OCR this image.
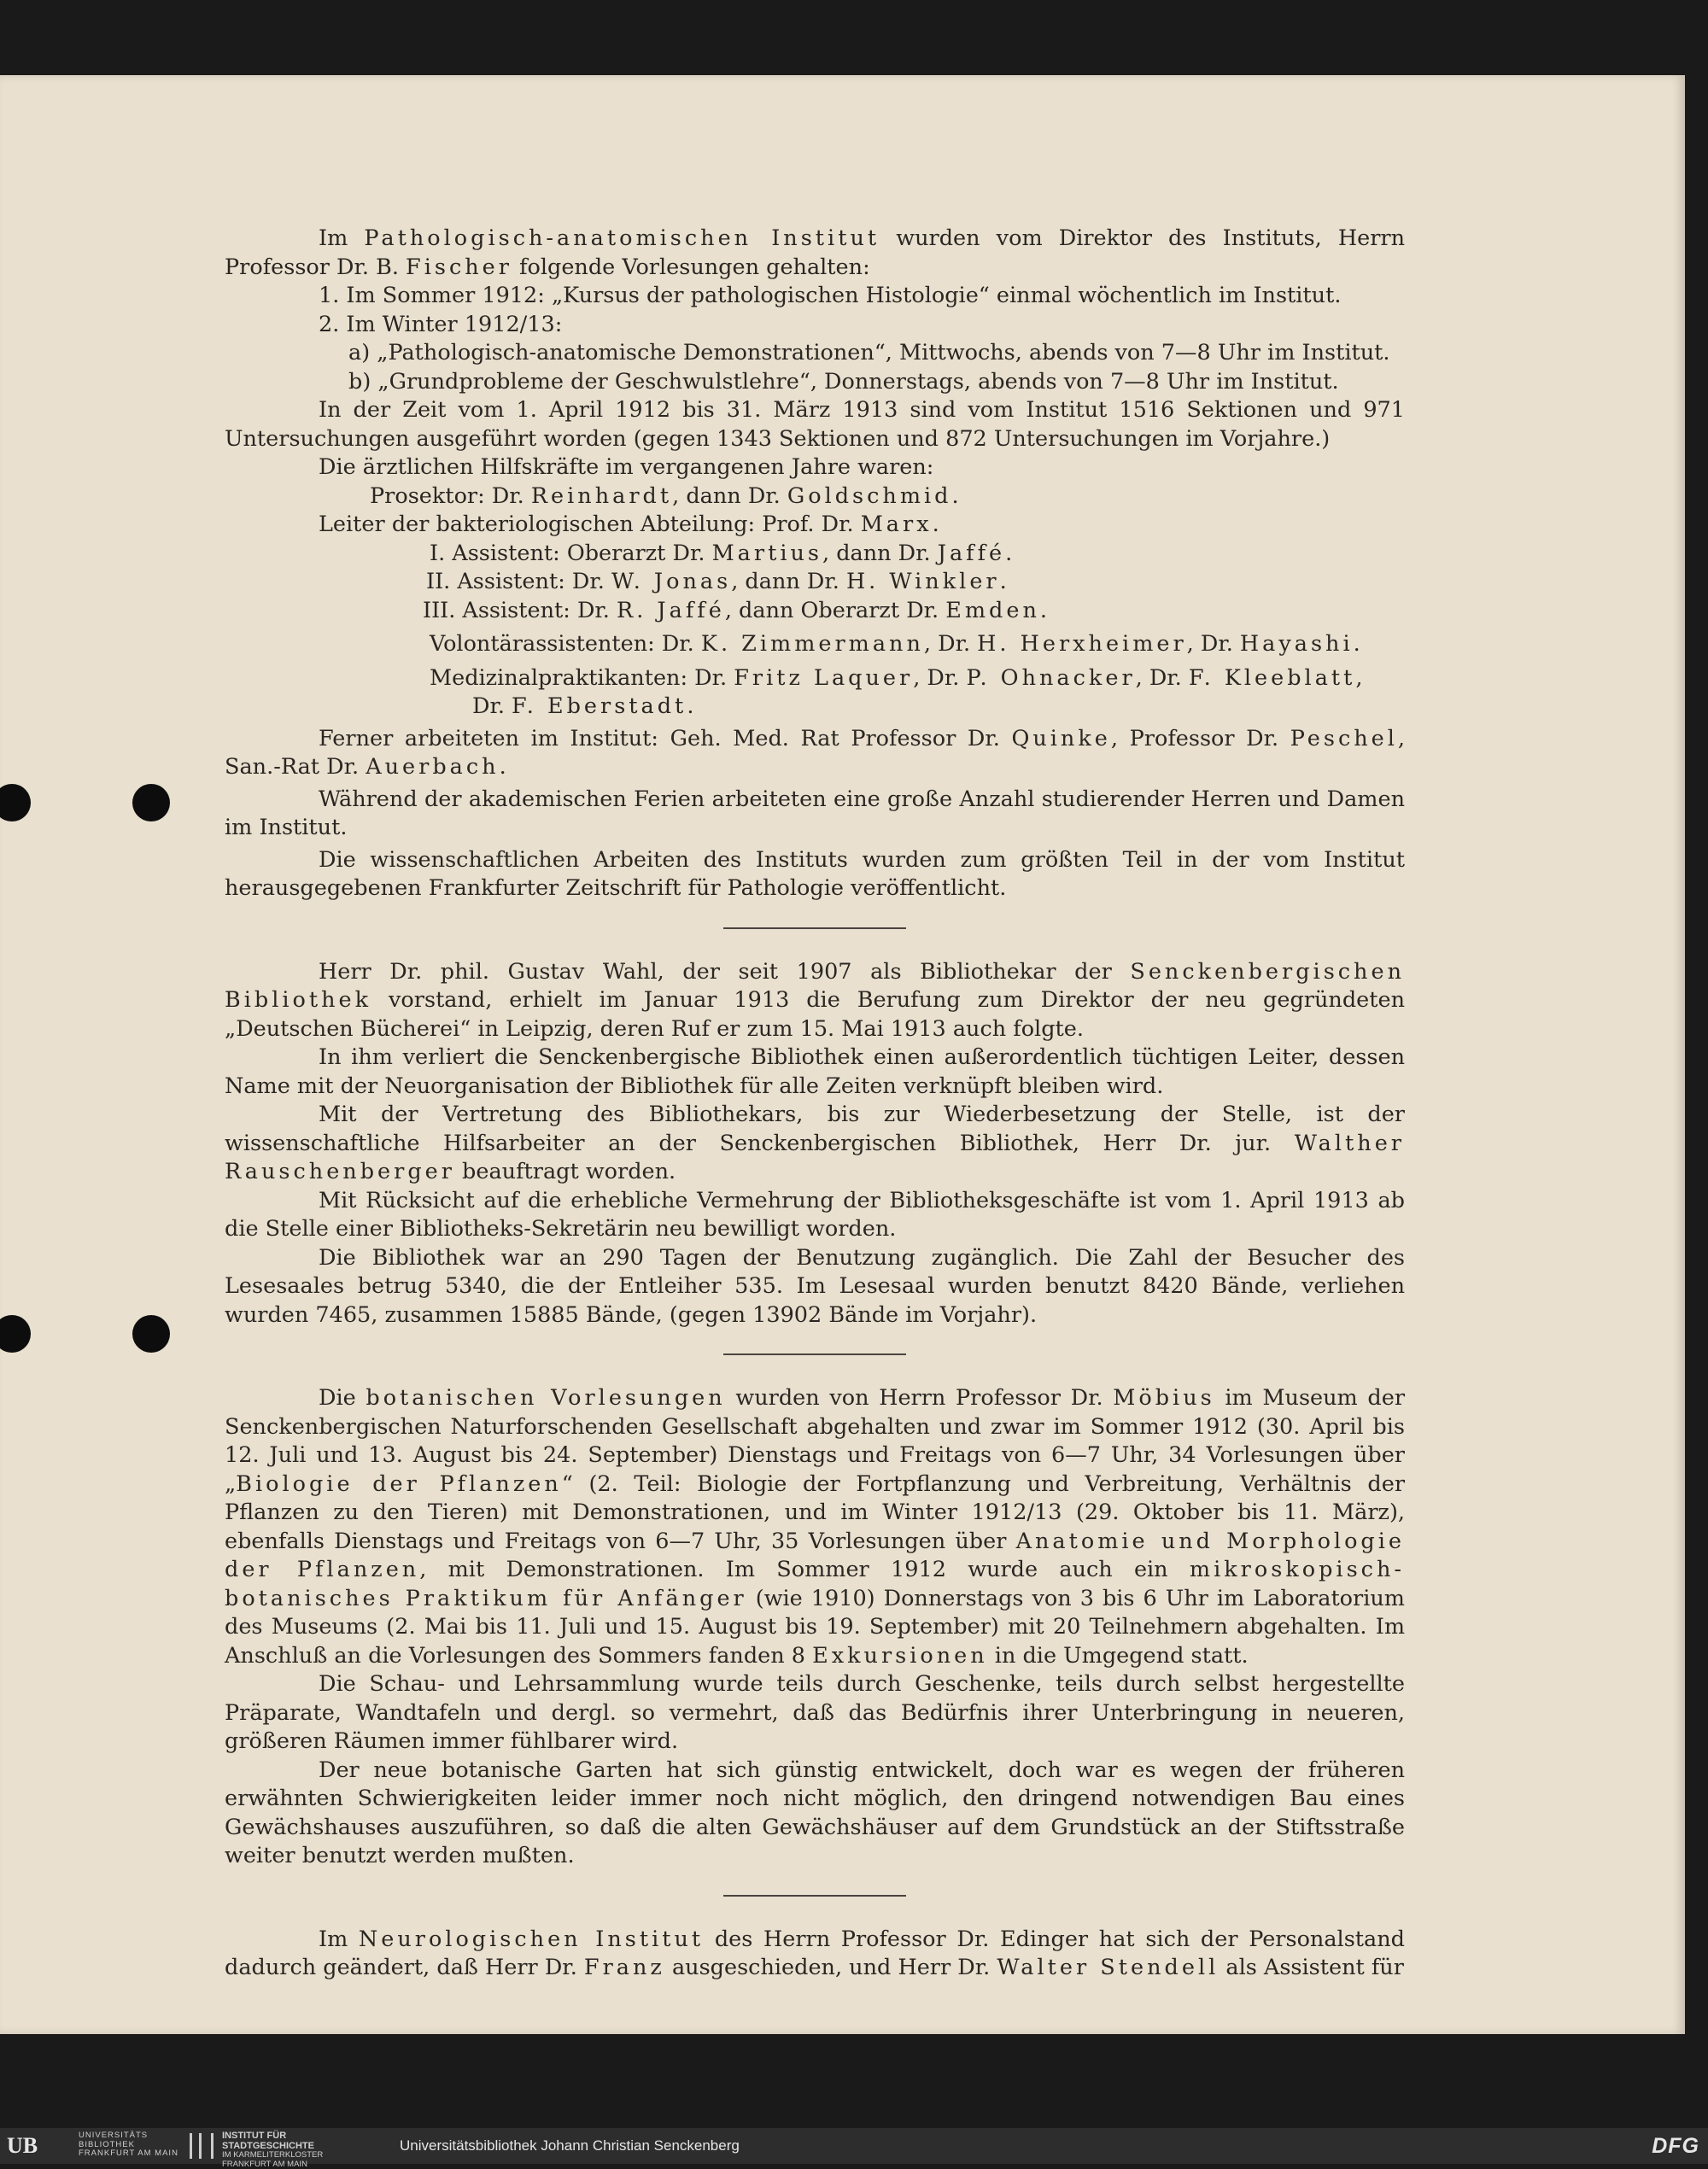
Im Pathologisch-anatomischen Institut wurden vom Direktor des Instituts, Herrn Professor Dr. B. Fischer folgende Vorlesungen gehalten:

1. Im Sommer 1912: „Kursus der pathologischen Histologie“ einmal wöchentlich im Institut.

2. Im Winter 1912/13:

a) „Pathologisch-anatomische Demonstrationen“, Mittwochs, abends von 7—8 Uhr im Institut.

b) „Grundprobleme der Geschwulstlehre“, Donnerstags, abends von 7—8 Uhr im Institut.

In der Zeit vom 1. April 1912 bis 31. März 1913 sind vom Institut 1516 Sektionen und 971 Untersuchungen ausgeführt worden (gegen 1343 Sektionen und 872 Untersuchungen im Vorjahre.)

Die ärztlichen Hilfskräfte im vergangenen Jahre waren:

Prosektor: Dr. Reinhardt, dann Dr. Goldschmid.

Leiter der bakteriologischen Abteilung: Prof. Dr. Marx.

I. Assistent: Oberarzt Dr. Martius, dann Dr. Jaffé.

II. Assistent: Dr. W. Jonas, dann Dr. H. Winkler.

III. Assistent: Dr. R. Jaffé, dann Oberarzt Dr. Emden.

Volontärassistenten: Dr. K. Zimmermann, Dr. H. Herxheimer, Dr. Hayashi.

Medizinalpraktikanten: Dr. Fritz Laquer, Dr. P. Ohnacker, Dr. F. Kleeblatt,

Dr. F. Eberstadt.

Ferner arbeiteten im Institut: Geh. Med. Rat Professor Dr. Quinke, Professor Dr. Peschel, San.-Rat Dr. Auerbach.

Während der akademischen Ferien arbeiteten eine große Anzahl studierender Herren und Damen im Institut.

Die wissenschaftlichen Arbeiten des Instituts wurden zum größten Teil in der vom Institut herausgegebenen Frankfurter Zeitschrift für Pathologie veröffentlicht.

Herr Dr. phil. Gustav Wahl, der seit 1907 als Bibliothekar der Senckenbergischen Bibliothek vorstand, erhielt im Januar 1913 die Berufung zum Direktor der neu gegründeten „Deutschen Bücherei“ in Leipzig, deren Ruf er zum 15. Mai 1913 auch folgte.

In ihm verliert die Senckenbergische Bibliothek einen außerordentlich tüchtigen Leiter, dessen Name mit der Neuorganisation der Bibliothek für alle Zeiten verknüpft bleiben wird.

Mit der Vertretung des Bibliothekars, bis zur Wiederbesetzung der Stelle, ist der wissenschaftliche Hilfsarbeiter an der Senckenbergischen Bibliothek, Herr Dr. jur. Walther Rauschenberger beauftragt worden.

Mit Rücksicht auf die erhebliche Vermehrung der Bibliotheksgeschäfte ist vom 1. April 1913 ab die Stelle einer Bibliotheks-Sekretärin neu bewilligt worden.

Die Bibliothek war an 290 Tagen der Benutzung zugänglich. Die Zahl der Besucher des Lesesaales betrug 5340, die der Entleiher 535. Im Lesesaal wurden benutzt 8420 Bände, verliehen wurden 7465, zusammen 15885 Bände, (gegen 13902 Bände im Vorjahr).

Die botanischen Vorlesungen wurden von Herrn Professor Dr. Möbius im Museum der Senckenbergischen Naturforschenden Gesellschaft abgehalten und zwar im Sommer 1912 (30. April bis 12. Juli und 13. August bis 24. September) Dienstags und Freitags von 6—7 Uhr, 34 Vorlesungen über „Biologie der Pflanzen“ (2. Teil: Biologie der Fortpflanzung und Verbreitung, Verhältnis der Pflanzen zu den Tieren) mit Demonstrationen, und im Winter 1912/13 (29. Oktober bis 11. März), ebenfalls Dienstags und Freitags von 6—7 Uhr, 35 Vorlesungen über Anatomie und Morphologie der Pflanzen, mit Demonstrationen. Im Sommer 1912 wurde auch ein mikroskopisch-botanisches Praktikum für Anfänger (wie 1910) Donnerstags von 3 bis 6 Uhr im Laboratorium des Museums (2. Mai bis 11. Juli und 15. August bis 19. September) mit 20 Teilnehmern abgehalten. Im Anschluß an die Vorlesungen des Sommers fanden 8 Exkursionen in die Umgegend statt.

Die Schau- und Lehrsammlung wurde teils durch Geschenke, teils durch selbst hergestellte Präparate, Wandtafeln und dergl. so vermehrt, daß das Bedürfnis ihrer Unterbringung in neueren, größeren Räumen immer fühlbarer wird.

Der neue botanische Garten hat sich günstig entwickelt, doch war es wegen der früheren erwähnten Schwierigkeiten leider immer noch nicht möglich, den dringend notwendigen Bau eines Gewächshauses auszuführen, so daß die alten Gewächshäuser auf dem Grundstück an der Stiftsstraße weiter benutzt werden mußten.

Im Neurologischen Institut des Herrn Professor Dr. Edinger hat sich der Personalstand dadurch geändert, daß Herr Dr. Franz ausgeschieden, und Herr Dr. Walter Stendell als Assistent für

UB	UNIVERSITÄTS
BIBLIOTHEK
FRANKFURT AM MAIN
INSTITUT FÜR
STADTGESCHICHTE
IM KARMELITERKLOSTER
FRANKFURT AM MAIN
Universitätsbibliothek Johann Christian Senckenberg	DFG
